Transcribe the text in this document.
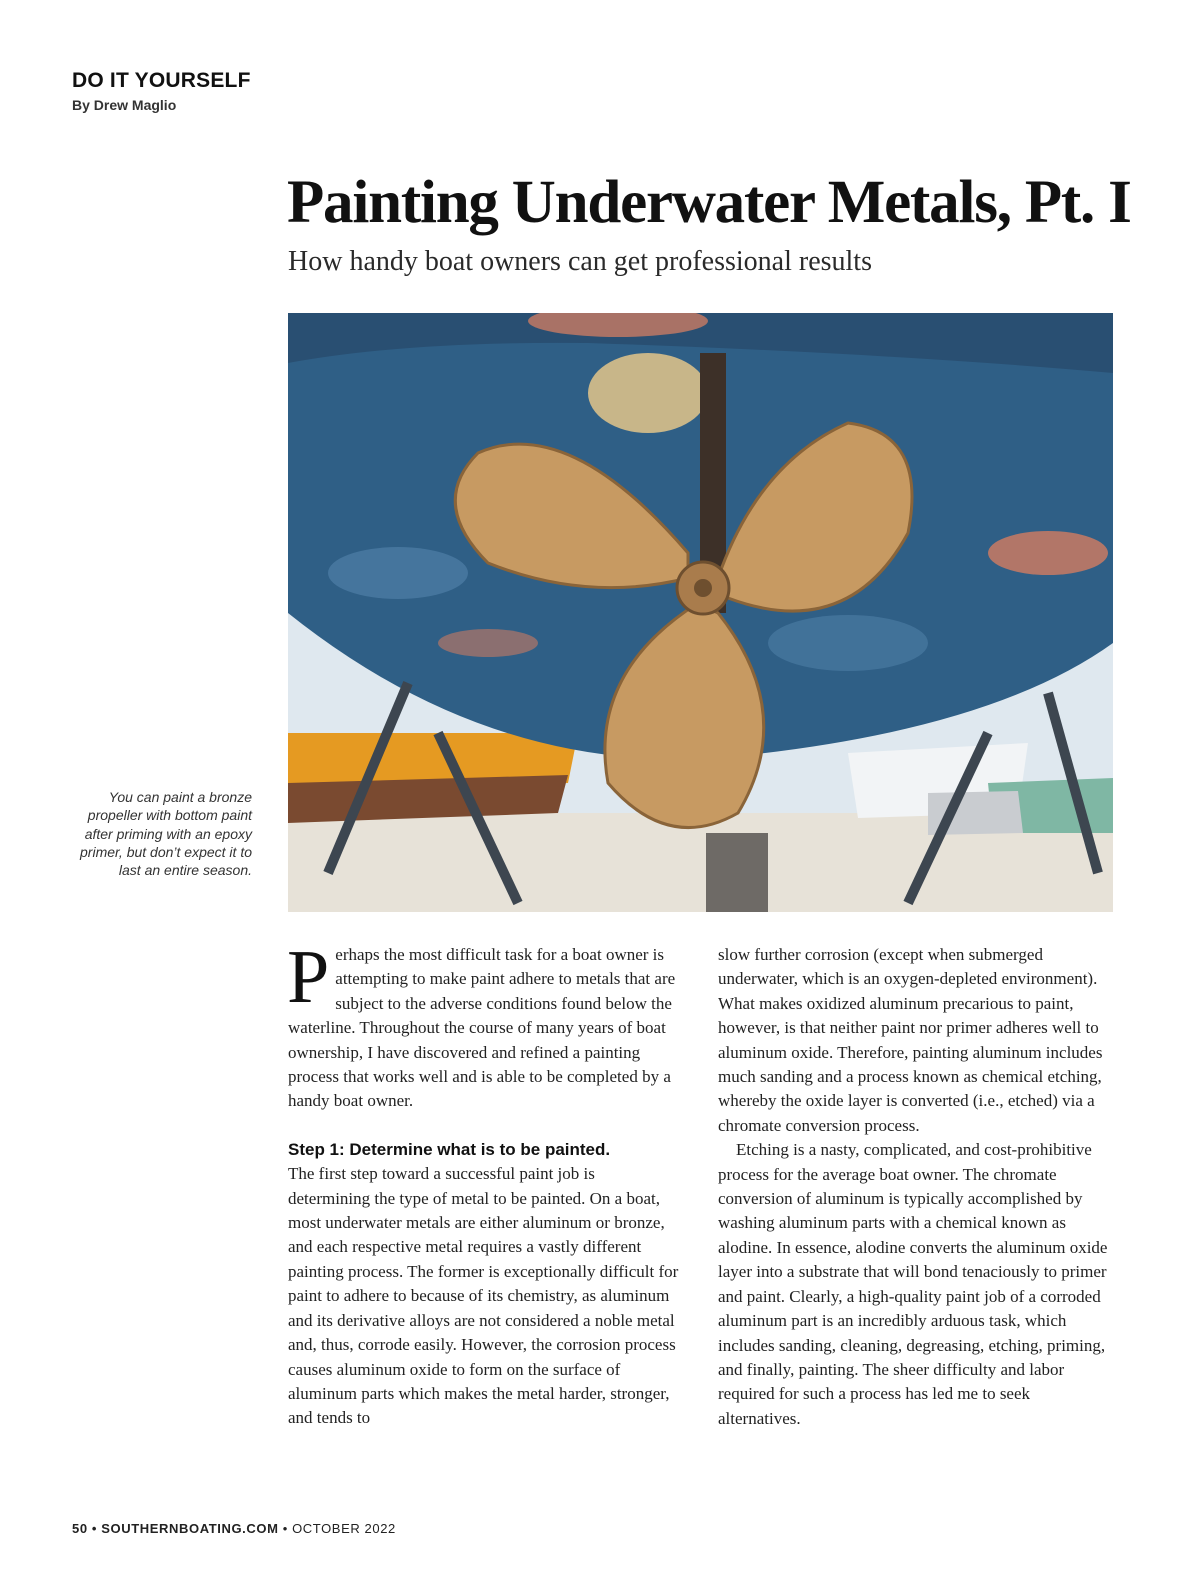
DO IT YOURSELF
By Drew Maglio
Painting Underwater Metals, Pt. I
How handy boat owners can get professional results
You can paint a bronze propeller with bottom paint after priming with an epoxy primer, but don’t expect it to last an entire season.

Perhaps the most difficult task for a boat owner is attempting to make paint adhere to metals that are subject to the adverse conditions found below the waterline. Throughout the course of many years of boat ownership, I have discovered and refined a painting process that works well and is able to be completed by a handy boat owner.

Step 1: Determine what is to be painted.

The first step toward a successful paint job is determining the type of metal to be painted. On a boat, most underwater metals are either aluminum or bronze, and each respective metal requires a vastly different painting process. The former is exceptionally difficult for paint to adhere to because of its chemistry, as aluminum and its derivative alloys are not considered a noble metal and, thus, corrode easily. However, the corrosion process causes aluminum oxide to form on the surface of aluminum parts which makes the metal harder, stronger, and tends to

slow further corrosion (except when submerged underwater, which is an oxygen-depleted environment). What makes oxidized aluminum precarious to paint, however, is that neither paint nor primer adheres well to aluminum oxide. Therefore, painting aluminum includes much sanding and a process known as chemical etching, whereby the oxide layer is converted (i.e., etched) via a chromate conversion process.

Etching is a nasty, complicated, and cost-prohibitive process for the average boat owner. The chromate conversion of aluminum is typically accomplished by washing aluminum parts with a chemical known as alodine. In essence, alodine converts the aluminum oxide layer into a substrate that will bond tenaciously to primer and paint. Clearly, a high-quality paint job of a corroded aluminum part is an incredibly arduous task, which includes sanding, cleaning, degreasing, etching, priming, and finally, painting. The sheer difficulty and labor required for such a process has led me to seek alternatives.

50 • SOUTHERNBOATING.COM • OCTOBER 2022
